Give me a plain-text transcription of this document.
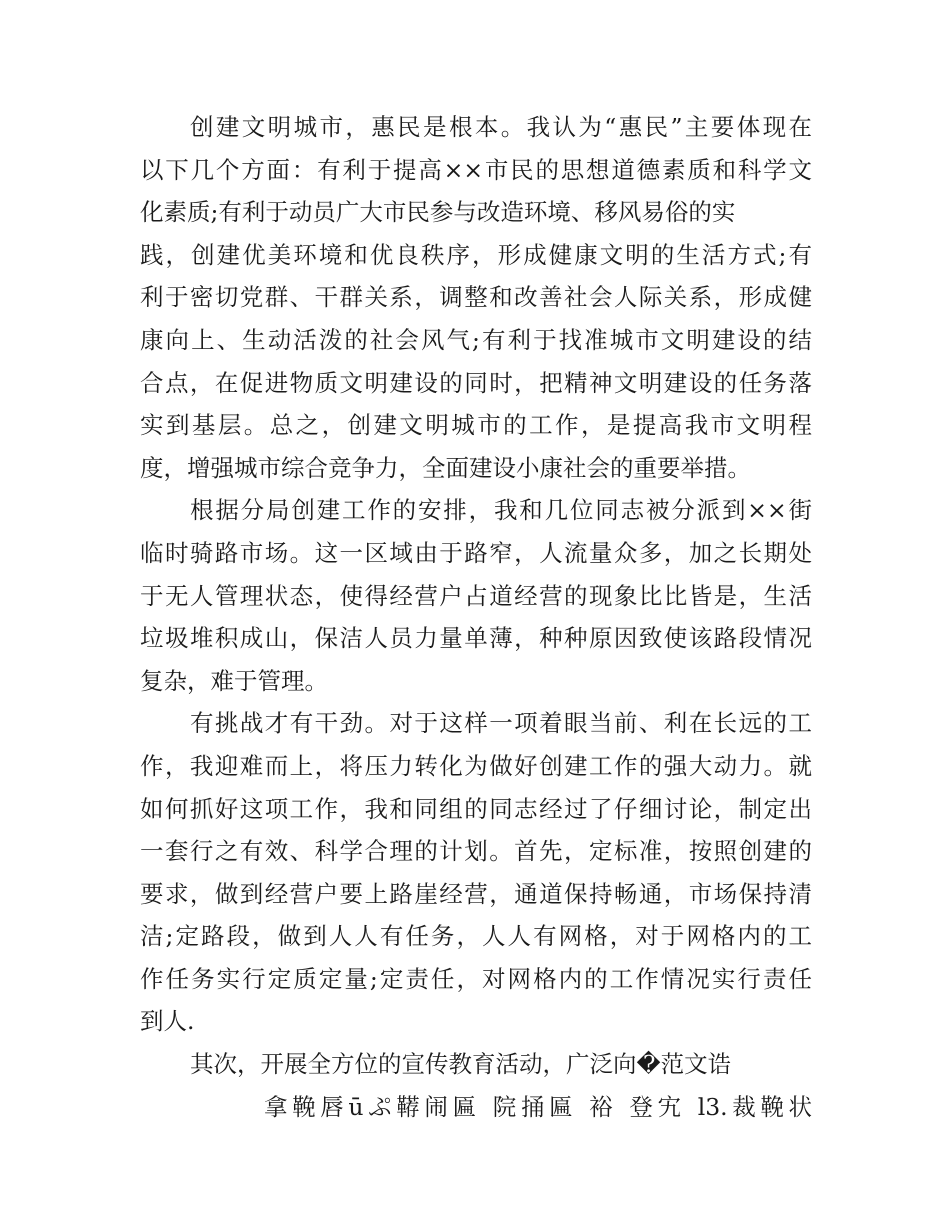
创建文明城市，惠民是根本。我认为“惠民”主要体现在
以下几个方面：有利于提高××市民的思想道德素质和科学文
化素质;有利于动员广大市民参与改造环境、移风易俗的实
践，创建优美环境和优良秩序，形成健康文明的生活方式;有
利于密切党群、干群关系，调整和改善社会人际关系，形成健
康向上、生动活泼的社会风气;有利于找准城市文明建设的结
合点，在促进物质文明建设的同时，把精神文明建设的任务落
实到基层。总之，创建文明城市的工作，是提高我市文明程
度，增强城市综合竞争力，全面建设小康社会的重要举措。
根据分局创建工作的安排，我和几位同志被分派到××街
临时骑路市场。这一区域由于路窄，人流量众多，加之长期处
于无人管理状态，使得经营户占道经营的现象比比皆是，生活
垃圾堆积成山，保洁人员力量单薄，种种原因致使该路段情况
复杂，难于管理。
有挑战才有干劲。对于这样一项着眼当前、利在长远的工
作，我迎难而上，将压力转化为做好创建工作的强大动力。就
如何抓好这项工作，我和同组的同志经过了仔细讨论，制定出
一套行之有效、科学合理的计划。首先，定标准，按照创建的
要求，做到经营户要上路崖经营，通道保持畅通，市场保持清
洁;定路段，做到人人有任务，人人有网格，对于网格内的工
作任务实行定质定量;定责任，对网格内的工作情况实行责任
到人.
其次，开展全方位的宣传教育活动，广泛向�范文诰
拿鞔唇ūぷ鞯闹匾 院捅匾 裕 登宄 l3.裁鞔状
